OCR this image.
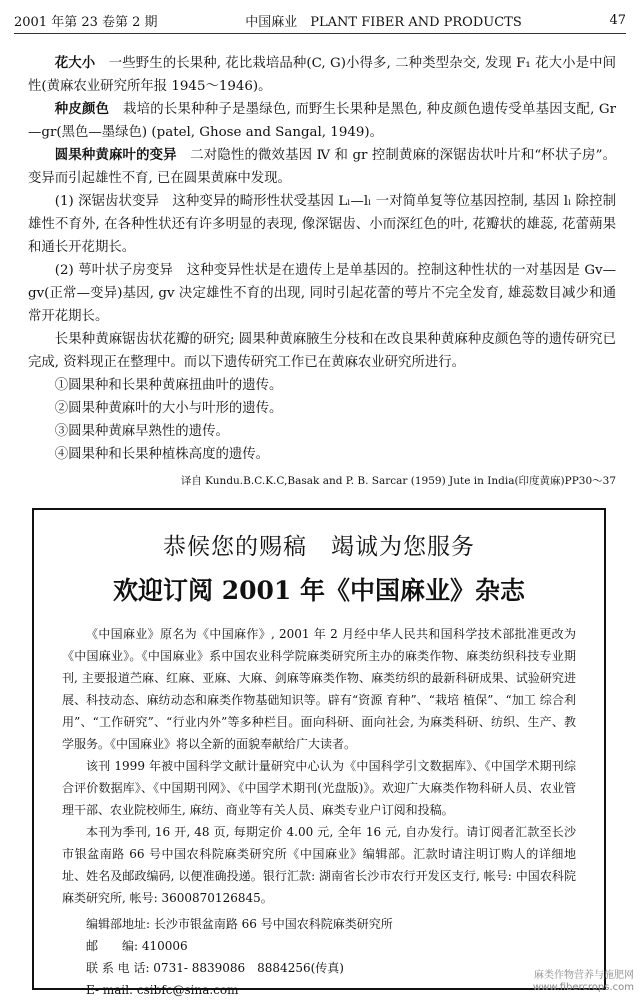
2001 年第 23 卷第 2 期	中国麻业　PLANT FIBER AND PRODUCTS	47

花大小　一些野生的长果种, 花比栽培品种(C, G)小得多, 二种类型杂交, 发现 F₁ 花大小是中间性(黄麻农业研究所年报 1945～1946)。

种皮颜色　栽培的长果种种子是墨绿色, 而野生长果种是黑色, 种皮颜色遗传受单基因支配, Gr—gr(黑色—墨绿色) (patel, Ghose and Sangal, 1949)。

圆果种黄麻叶的变异　二对隐性的微效基因 Ⅳ 和 gr 控制黄麻的深锯齿状叶片和“杯状子房”。变异而引起雄性不育, 已在圆果黄麻中发现。

(1) 深锯齿状变异　这种变异的畸形性状受基因 Lₗ—lₗ 一对简单复等位基因控制, 基因 lₗ 除控制雄性不育外, 在各种性状还有许多明显的表现, 像深锯齿、小而深红色的叶, 花瓣状的雄蕊, 花蕾蒴果和通长开花期长。

(2) 萼叶状子房变异　这种变异性状是在遗传上是单基因的。控制这种性状的一对基因是 Gv—gv(正常—变异)基因, gv 决定雄性不育的出现, 同时引起花蕾的萼片不完全发育, 雄蕊数目减少和通常开花期长。

长果种黄麻锯齿状花瓣的研究; 圆果种黄麻腋生分枝和在改良果种黄麻种皮颜色等的遗传研究已完成, 资料现正在整理中。而以下遗传研究工作已在黄麻农业研究所进行。

①圆果种和长果种黄麻扭曲叶的遗传。

②圆果种黄麻叶的大小与叶形的遗传。

③圆果种黄麻早熟性的遗传。

④圆果种和长果种植株高度的遗传。

译自 Kundu.B.C.K.C,Basak and P. B. Sarcar (1959) Jute in India(印度黄麻)PP30～37
恭候您的赐稿　竭诚为您服务
欢迎订阅 2001 年《中国麻业》杂志

《中国麻业》原名为《中国麻作》, 2001 年 2 月经中华人民共和国科学技术部批准更改为《中国麻业》。《中国麻业》系中国农业科学院麻类研究所主办的麻类作物、麻类纺织科技专业期刊, 主要报道苎麻、红麻、亚麻、大麻、剑麻等麻类作物、麻类纺织的最新科研成果、试验研究进展、科技动态、麻纺动态和麻类作物基础知识等。辟有“资源 育种”、“栽培 植保”、“加工 综合利用”、“工作研究”、“行业内外”等多种栏目。面向科研、面向社会, 为麻类科研、纺织、生产、教学服务。《中国麻业》将以全新的面貌奉献给广大读者。

该刊 1999 年被中国科学文献计量研究中心认为《中国科学引文数据库》、《中国学术期刊综合评价数据库》、《中国期刊网》、《中国学术期刊(光盘版)》。欢迎广大麻类作物科研人员、农业管理干部、农业院校师生, 麻纺、商业等有关人员、麻类专业户订阅和投稿。

本刊为季刊, 16 开, 48 页, 每期定价 4.00 元, 全年 16 元, 自办发行。请订阅者汇款至长沙市银盆南路 66 号中国农科院麻类研究所《中国麻业》编辑部。汇款时请注明订购人的详细地址、姓名及邮政编码, 以便准确投递。银行汇款: 湖南省长沙市农行开发区支行, 帐号: 中国农科院麻类研究所, 帐号: 3600870126845。

编辑部地址: 长沙市银盆南路 66 号中国农科院麻类研究所
邮　　编: 410006
联 系 电 话: 0731- 8839086　8884256(传真)
E- mail: csibfc@sina.com
麻类作物营养与施肥网
www.fibercrops.com
